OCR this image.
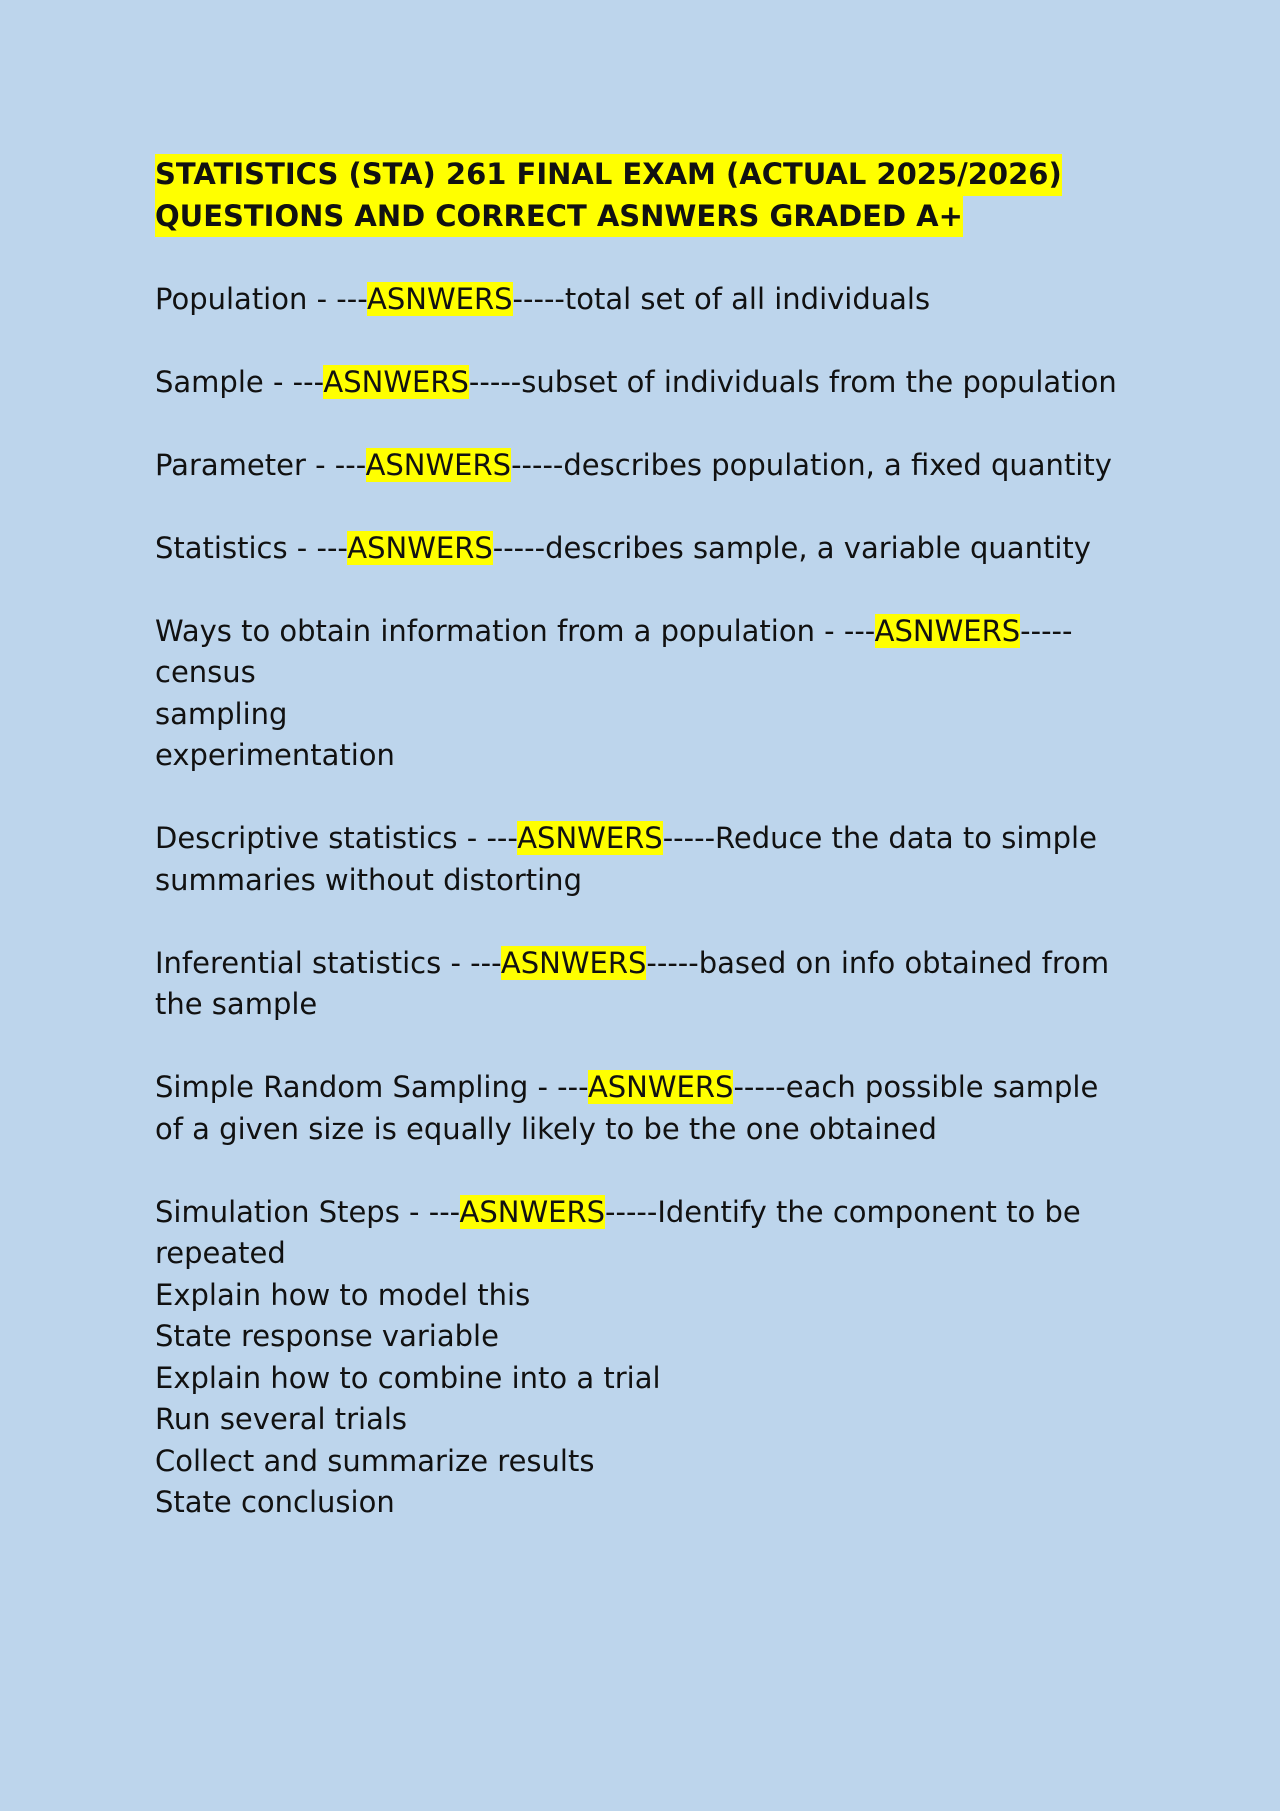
STATISTICS (STA) 261 FINAL EXAM (ACTUAL 2025/2026)
QUESTIONS AND CORRECT ASNWERS GRADED A+
Population - ---ASNWERS-----total set of all individuals
Sample - ---ASNWERS-----subset of individuals from the population
Parameter - ---ASNWERS-----describes population, a fixed quantity
Statistics - ---ASNWERS-----describes sample, a variable quantity
Ways to obtain information from a population - ---ASNWERS-----census
sampling
experimentation
Descriptive statistics - ---ASNWERS-----Reduce the data to simple summaries without distorting
Inferential statistics - ---ASNWERS-----based on info obtained from the sample
Simple Random Sampling - ---ASNWERS-----each possible sample of a given size is equally likely to be the one obtained
Simulation Steps - ---ASNWERS-----Identify the component to be repeated
Explain how to model this
State response variable
Explain how to combine into a trial
Run several trials
Collect and summarize results
State conclusion
